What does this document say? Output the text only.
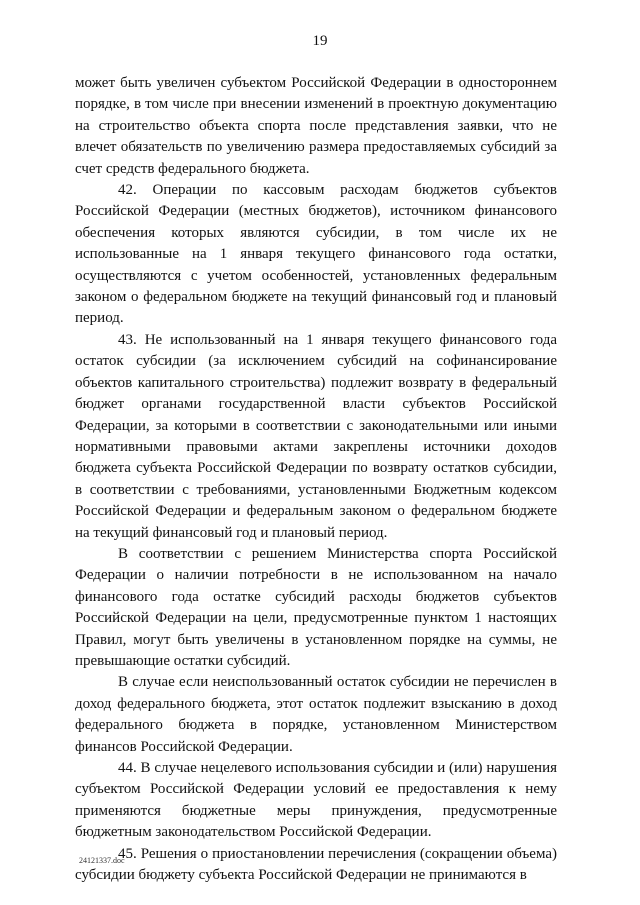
19

может быть увеличен субъектом Российской Федерации в одностороннем порядке, в том числе при внесении изменений в проектную документацию на строительство объекта спорта после представления заявки, что не влечет обязательств по увеличению размера предоставляемых субсидий за счет средств федерального бюджета.

42. Операции по кассовым расходам бюджетов субъектов Российской Федерации (местных бюджетов), источником финансового обеспечения которых являются субсидии, в том числе их не использованные на 1 января текущего финансового года остатки, осуществляются с учетом особенностей, установленных федеральным законом о федеральном бюджете на текущий финансовый год и плановый период.

43. Не использованный на 1 января текущего финансового года остаток субсидии (за исключением субсидий на софинансирование объектов капитального строительства) подлежит возврату в федеральный бюджет органами государственной власти субъектов Российской Федерации, за которыми в соответствии с законодательными или иными нормативными правовыми актами закреплены источники доходов бюджета субъекта Российской Федерации по возврату остатков субсидии, в соответствии с требованиями, установленными Бюджетным кодексом Российской Федерации и федеральным законом о федеральном бюджете на текущий финансовый год и плановый период.

В соответствии с решением Министерства спорта Российской Федерации о наличии потребности в не использованном на начало финансового года остатке субсидий расходы бюджетов субъектов Российской Федерации на цели, предусмотренные пунктом 1 настоящих Правил, могут быть увеличены в установленном порядке на суммы, не превышающие остатки субсидий.

В случае если неиспользованный остаток субсидии не перечислен в доход федерального бюджета, этот остаток подлежит взысканию в доход федерального бюджета в порядке, установленном Министерством финансов Российской Федерации.

44. В случае нецелевого использования субсидии и (или) нарушения субъектом Российской Федерации условий ее предоставления к нему применяются бюджетные меры принуждения, предусмотренные бюджетным законодательством Российской Федерации.

45. Решения о приостановлении перечисления (сокращении объема) субсидии бюджету субъекта Российской Федерации не принимаются в

24121337.doc
